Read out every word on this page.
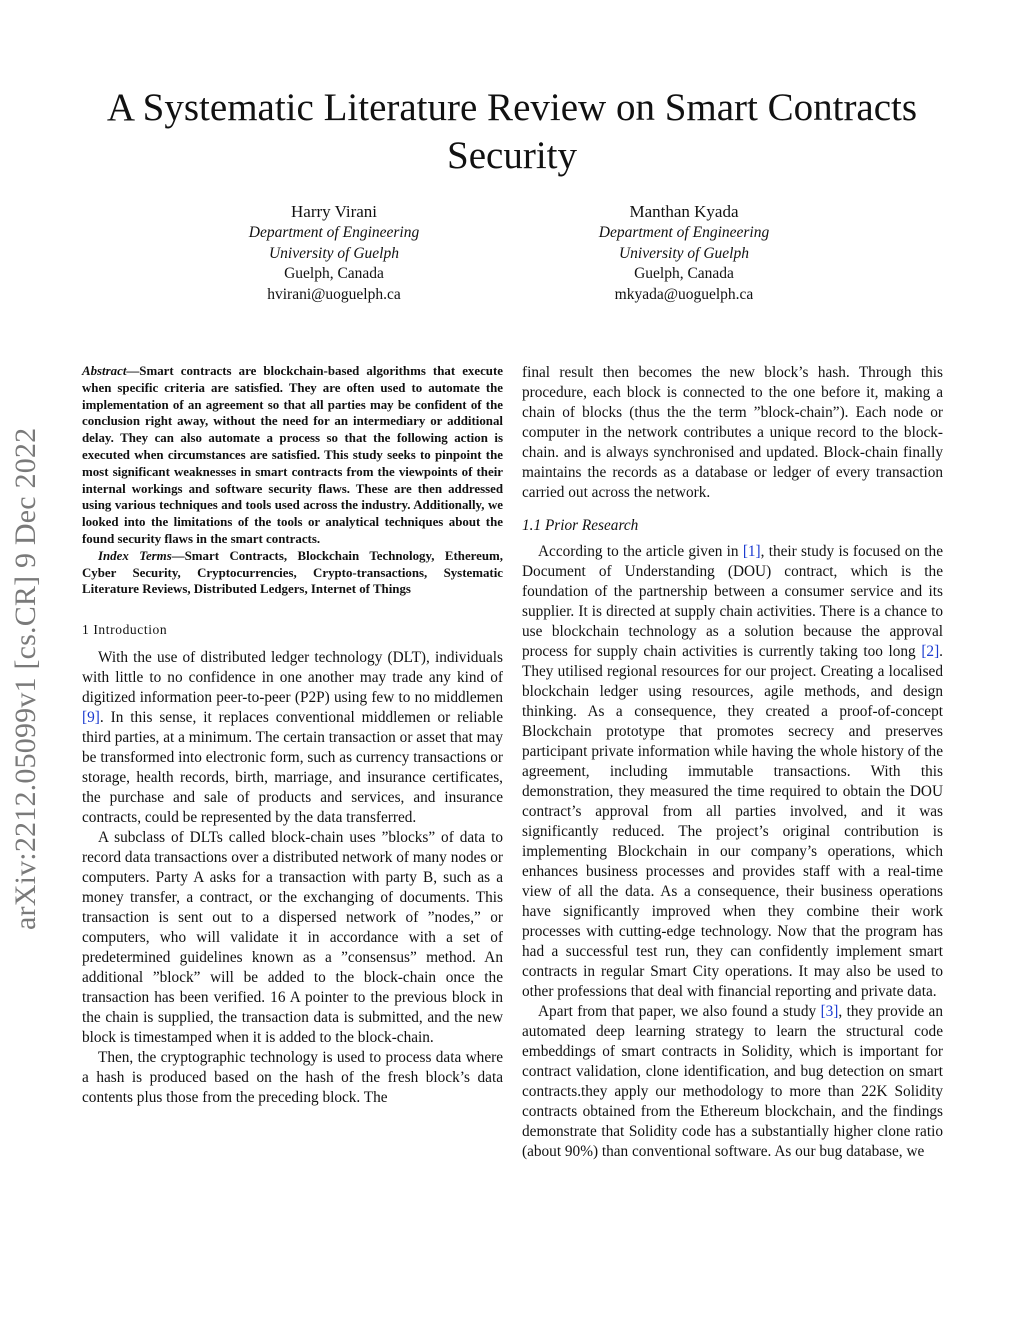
A Systematic Literature Review on Smart Contracts Security
Harry Virani
Department of Engineering
University of Guelph
Guelph, Canada
hvirani@uoguelph.ca
Manthan Kyada
Department of Engineering
University of Guelph
Guelph, Canada
mkyada@uoguelph.ca
arXiv:2212.05099v1 [cs.CR] 9 Dec 2022

Abstract—Smart contracts are blockchain-based algorithms that execute when specific criteria are satisfied. They are often used to automate the implementation of an agreement so that all parties may be confident of the conclusion right away, without the need for an intermediary or additional delay. They can also automate a process so that the following action is executed when circumstances are satisfied. This study seeks to pinpoint the most significant weaknesses in smart contracts from the viewpoints of their internal workings and software security flaws. These are then addressed using various techniques and tools used across the industry. Additionally, we looked into the limitations of the tools or analytical techniques about the found security flaws in the smart contracts.

Index Terms—Smart Contracts, Blockchain Technology, Ethereum, Cyber Security, Cryptocurrencies, Crypto-transactions, Systematic Literature Reviews, Distributed Ledgers, Internet of Things

1 Introduction

With the use of distributed ledger technology (DLT), individuals with little to no confidence in one another may trade any kind of digitized information peer-to-peer (P2P) using few to no middlemen [9]. In this sense, it replaces conventional middlemen or reliable third parties, at a minimum. The certain transaction or asset that may be transformed into electronic form, such as currency transactions or storage, health records, birth, marriage, and insurance certificates, the purchase and sale of products and services, and insurance contracts, could be represented by the data transferred.

A subclass of DLTs called block-chain uses ”blocks” of data to record data transactions over a distributed network of many nodes or computers. Party A asks for a transaction with party B, such as a money transfer, a contract, or the exchanging of documents. This transaction is sent out to a dispersed network of ”nodes,” or computers, who will validate it in accordance with a set of predetermined guidelines known as a ”consensus” method. An additional ”block” will be added to the block-chain once the transaction has been verified. 16 A pointer to the previous block in the chain is supplied, the transaction data is submitted, and the new block is timestamped when it is added to the block-chain.

Then, the cryptographic technology is used to process data where a hash is produced based on the hash of the fresh block’s data contents plus those from the preceding block. The

final result then becomes the new block’s hash. Through this procedure, each block is connected to the one before it, making a chain of blocks (thus the the term ”block-chain”). Each node or computer in the network contributes a unique record to the block-chain. and is always synchronised and updated. Block-chain finally maintains the records as a database or ledger of every transaction carried out across the network.

1.1 Prior Research

According to the article given in [1], their study is focused on the Document of Understanding (DOU) contract, which is the foundation of the partnership between a consumer service and its supplier. It is directed at supply chain activities. There is a chance to use blockchain technology as a solution because the approval process for supply chain activities is currently taking too long [2]. They utilised regional resources for our project. Creating a localised blockchain ledger using resources, agile methods, and design thinking. As a consequence, they created a proof-of-concept Blockchain prototype that promotes secrecy and preserves participant private information while having the whole history of the agreement, including immutable transactions. With this demonstration, they measured the time required to obtain the DOU contract’s approval from all parties involved, and it was significantly reduced. The project’s original contribution is implementing Blockchain in our company’s operations, which enhances business processes and provides staff with a real-time view of all the data. As a consequence, their business operations have significantly improved when they combine their work processes with cutting-edge technology. Now that the program has had a successful test run, they can confidently implement smart contracts in regular Smart City operations. It may also be used to other professions that deal with financial reporting and private data.

Apart from that paper, we also found a study [3], they provide an automated deep learning strategy to learn the structural code embeddings of smart contracts in Solidity, which is important for contract validation, clone identification, and bug detection on smart contracts.they apply our methodology to more than 22K Solidity contracts obtained from the Ethereum blockchain, and the findings demonstrate that Solidity code has a substantially higher clone ratio (about 90%) than conventional software. As our bug database, we
